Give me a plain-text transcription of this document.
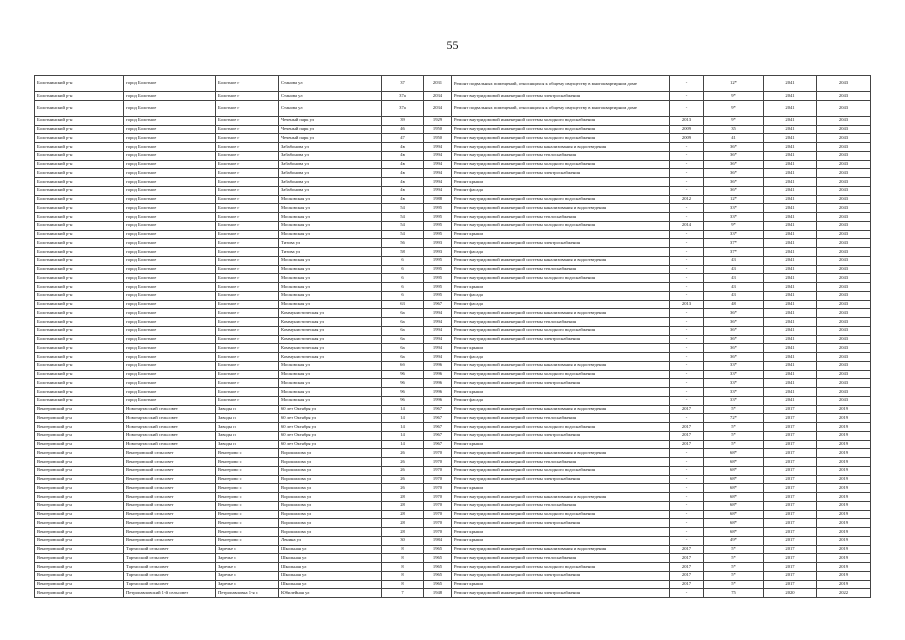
55
Болотнинский р-н	город Болотное	Болотное г	Станова ул	37	2031	Ремонт подвальных помещений, относящихся к общему имуществу в многоквартирном доме	-	12*	2041	2043
Болотнинский р-н	город Болотное	Болотное г	Станова ул	37а	2034	Ремонт внутридомовой инженерной системы электроснабжения	-	9*	2041	2043
Болотнинский р-н	город Болотное	Болотное г	Станова ул	37а	2034	Ремонт подвальных помещений, относящихся к общему имуществу в многоквартирном доме	-	9*	2041	2043
Болотнинский р-н	город Болотное	Болотное г	Чеченый парк ул	39	1929	Ремонт внутридомовой инженерной системы холодного водоснабжения	2013	9*	2041	2043
Болотнинский р-н	город Болотное	Болотное г	Чеченый парк ул	46	1950	Ремонт внутридомовой инженерной системы холодного водоснабжения	2009	35	2041	2043
Болотнинский р-н	город Болотное	Болотное г	Чеченый парк ул	47	1950	Ремонт внутридомовой инженерной системы холодного водоснабжения	2009	41	2041	2043
Болотнинский р-н	город Болотное	Болотное г	Забабонова ул	4в	1994	Ремонт внутридомовой инженерной системы канализования и водоотведения	-	36*	2041	2043
Болотнинский р-н	город Болотное	Болотное г	Забабонова ул	4в	1994	Ремонт внутридомовой инженерной системы теплоснабжения	-	36*	2041	2043
Болотнинский р-н	город Болотное	Болотное г	Забабонова ул	4в	1994	Ремонт внутридомовой инженерной системы холодного водоснабжения	-	36*	2041	2043
Болотнинский р-н	город Болотное	Болотное г	Забабонова ул	4в	1994	Ремонт внутридомовой инженерной системы электроснабжения	-	36*	2041	2043
Болотнинский р-н	город Болотное	Болотное г	Забабонова ул	4в	1994	Ремонт крыши	-	36*	2041	2043
Болотнинский р-н	город Болотное	Болотное г	Забабонова ул	4в	1994	Ремонт фасада	-	36*	2041	2043
Болотнинский р-н	город Болотное	Болотное г	Московская ул	4в	1988	Ремонт внутридомовой инженерной системы холодного водоснабжения	2012	12*	2041	2043
Болотнинский р-н	город Болотное	Болотное г	Московская ул	54	1995	Ремонт внутридомовой инженерной системы канализования и водоотведения	-	33*	2041	2043
Болотнинский р-н	город Болотное	Болотное г	Московская ул	54	1995	Ремонт внутридомовой инженерной системы теплоснабжения	-	33*	2041	2043
Болотнинский р-н	город Болотное	Болотное г	Московская ул	54	1995	Ремонт внутридомовой инженерной системы холодного водоснабжения	2014	9*	2041	2043
Болотнинский р-н	город Болотное	Болотное г	Московская ул	54	1995	Ремонт крыши	-	33*	2041	2043
Болотнинский р-н	город Болотное	Болотное г	Титова ул	56	1993	Ремонт внутридомовой инженерной системы электроснабжения	-	37*	2041	2043
Болотнинский р-н	город Болотное	Болотное г	Титова ул	58	1993	Ремонт фасада	-	37*	2041	2043
Болотнинский р-н	город Болотное	Болотное г	Московская ул	6	1995	Ремонт внутридомовой инженерной системы канализования и водоотведения	-	43	2041	2043
Болотнинский р-н	город Болотное	Болотное г	Московская ул	6	1995	Ремонт внутридомовой инженерной системы теплоснабжения	-	43	2041	2043
Болотнинский р-н	город Болотное	Болотное г	Московская ул	6	1995	Ремонт внутридомовой инженерной системы холодного водоснабжения	-	43	2041	2043
Болотнинский р-н	город Болотное	Болотное г	Московская ул	6	1995	Ремонт крыши	-	43	2041	2043
Болотнинский р-н	город Болотное	Болотное г	Московская ул	6	1995	Ремонт фасада	-	43	2041	2043
Болотнинский р-н	город Болотное	Болотное г	Московская ул	63	1967	Ремонт фасада	2013	48	2041	2043
Болотнинский р-н	город Болотное	Болотное г	Коммунистическая ул	6а	1994	Ремонт внутридомовой инженерной системы канализования и водоотведения	-	36*	2041	2043
Болотнинский р-н	город Болотное	Болотное г	Коммунистическая ул	6а	1994	Ремонт внутридомовой инженерной системы теплоснабжения	-	36*	2041	2043
Болотнинский р-н	город Болотное	Болотное г	Коммунистическая ул	6а	1994	Ремонт внутридомовой инженерной системы холодного водоснабжения	-	36*	2041	2043
Болотнинский р-н	город Болотное	Болотное г	Коммунистическая ул	6а	1994	Ремонт внутридомовой инженерной системы электроснабжения	-	36*	2041	2043
Болотнинский р-н	город Болотное	Болотное г	Коммунистическая ул	6а	1994	Ремонт крыши	-	36*	2041	2043
Болотнинский р-н	город Болотное	Болотное г	Коммунистическая ул	6а	1994	Ремонт фасада	-	36*	2041	2043
Болотнинский р-н	город Болотное	Болотное г	Московская ул	6б	1996	Ремонт внутридомовой инженерной системы канализования и водоотведения	-	33*	2041	2043
Болотнинский р-н	город Болотное	Болотное г	Московская ул	96	1996	Ремонт внутридомовой инженерной системы холодного водоснабжения	-	33*	2041	2043
Болотнинский р-н	город Болотное	Болотное г	Московская ул	96	1996	Ремонт внутридомовой инженерной системы электроснабжения	-	33*	2041	2043
Болотнинский р-н	город Болотное	Болотное г	Московская ул	96	1996	Ремонт крыши	-	33*	2041	2043
Болотнинский р-н	город Болотное	Болотное г	Московская ул	96	1996	Ремонт фасада	-	33*	2041	2043
Венгеровский р-н	Новотартасский сельсовет	Заводы п	60 лет Октября ул	14	1967	Ремонт внутридомовой инженерной системы канализования и водоотведения	2017	5*	2017	2019
Венгеровский р-н	Новотартасский сельсовет	Заводы п	60 лет Октября ул	14	1967	Ремонт внутридомовой инженерной системы теплоснабжения	-	72*	2017	2019
Венгеровский р-н	Новотартасский сельсовет	Заводы п	60 лет Октября ул	14	1967	Ремонт внутридомовой инженерной системы холодного водоснабжения	2017	5*	2017	2019
Венгеровский р-н	Новотартасский сельсовет	Заводы п	60 лет Октября ул	14	1967	Ремонт внутридомовой инженерной системы электроснабжения	2017	5*	2017	2019
Венгеровский р-н	Новотартасский сельсовет	Заводы п	60 лет Октября ул	14	1967	Ремонт крыши	2017	5*	2017	2019
Венгеровский р-н	Венгеровский сельсовет	Венгерово с	Ворошилова ул	26	1970	Ремонт внутридомовой инженерной системы канализования и водоотведения	-	68*	2017	2019
Венгеровский р-н	Венгеровский сельсовет	Венгерово с	Ворошилова ул	26	1970	Ремонт внутридомовой инженерной системы теплоснабжения	-	68*	2017	2019
Венгеровский р-н	Венгеровский сельсовет	Венгерово с	Ворошилова ул	26	1970	Ремонт внутридомовой инженерной системы холодного водоснабжения	-	68*	2017	2019
Венгеровский р-н	Венгеровский сельсовет	Венгерово с	Ворошилова ул	26	1970	Ремонт внутридомовой инженерной системы электроснабжения	-	68*	2017	2019
Венгеровский р-н	Венгеровский сельсовет	Венгерово с	Ворошилова ул	26	1970	Ремонт крыши	-	68*	2017	2019
Венгеровский р-н	Венгеровский сельсовет	Венгерово с	Ворошилова ул	28	1970	Ремонт внутридомовой инженерной системы канализования и водоотведения	-	68*	2017	2019
Венгеровский р-н	Венгеровский сельсовет	Венгерово с	Ворошилова ул	28	1970	Ремонт внутридомовой инженерной системы теплоснабжения	-	68*	2017	2019
Венгеровский р-н	Венгеровский сельсовет	Венгерово с	Ворошилова ул	28	1970	Ремонт внутридомовой инженерной системы холодного водоснабжения	-	68*	2017	2019
Венгеровский р-н	Венгеровский сельсовет	Венгерово с	Ворошилова ул	28	1970	Ремонт внутридомовой инженерной системы электроснабжения	-	68*	2017	2019
Венгеровский р-н	Венгеровский сельсовет	Венгерово с	Ворошилова ул	28	1970	Ремонт крыши	-	68*	2017	2019
Венгеровский р-н	Венгеровский сельсовет	Венгерово с	Ленина ул	30	1984	Ремонт крыши	-	49*	2017	2019
Венгеровский р-н	Тартасский сельсовет	Заречье с	Школьная ул	8	1965	Ремонт внутридомовой инженерной системы канализования и водоотведения	2017	5*	2017	2019
Венгеровский р-н	Тартасский сельсовет	Заречье с	Школьная ул	8	1965	Ремонт внутридомовой инженерной системы теплоснабжения	2017	5*	2017	2019
Венгеровский р-н	Тартасский сельсовет	Заречье с	Школьная ул	8	1965	Ремонт внутридомовой инженерной системы холодного водоснабжения	2017	5*	2017	2019
Венгеровский р-н	Тартасский сельсовет	Заречье с	Школьная ул	8	1965	Ремонт внутридомовой инженерной системы электроснабжения	2017	5*	2017	2019
Венгеровский р-н	Тартасский сельсовет	Заречье с	Школьная ул	8	1965	Ремонт крыши	2017	5*	2017	2019
Венгеровский р-н	Петропавловский 1-й сельсовет	Петропавловка 1-я с	Юбилейная ул	7	1948	Ремонт внутридомовой инженерной системы электроснабжения	-	75	2020	2022
